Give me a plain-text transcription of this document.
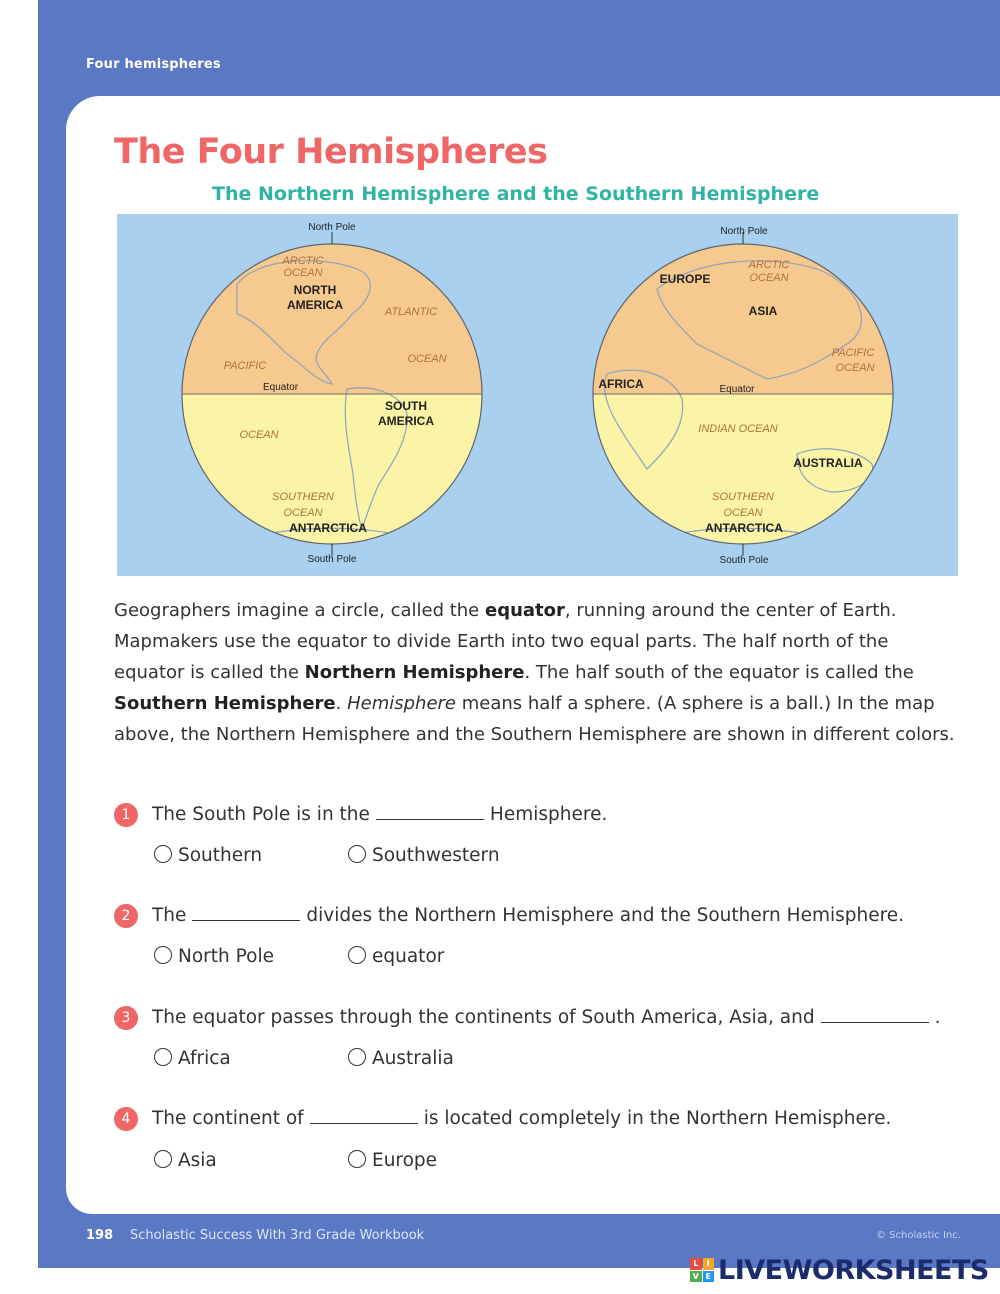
Four hemispheres
The Four Hemispheres
The Northern Hemisphere and the Southern Hemisphere
North Pole
South Pole
Equator
ARCTIC
OCEAN
NORTH
AMERICA	ATLANTIC
PACIFIC
OCEAN
OCEAN
SOUTH
AMERICA
SOUTHERN
OCEAN
ANTARCTICA
North Pole
South Pole
Equator
EUROPE
ARCTIC
OCEAN
ASIA
PACIFIC
OCEAN
AFRICA
INDIAN OCEAN
AUSTRALIA
SOUTHERN
OCEAN
ANTARCTICA
Geographers imagine a circle, called the equator, running around the center of Earth. Mapmakers use the equator to divide Earth into two equal parts. The half north of the equator is called the Northern Hemisphere. The half south of the equator is called the Southern Hemisphere. Hemisphere means half a sphere. (A sphere is a ball.) In the map above, the Northern Hemisphere and the Southern Hemisphere are shown in different colors.
1	The South Pole is in the	Hemisphere.
Southern	Southwestern
2	The	divides the Northern Hemisphere and the Southern Hemisphere.
North Pole	equator
3	The equator passes through the continents of South America, Asia, and	.
Africa	Australia
4	The continent of	is located completely in the Northern Hemisphere.
Asia	Europe
198 Scholastic Success With 3rd Grade Workbook	© Scholastic Inc.
L	I
V E LIVEWORKSHEETS
